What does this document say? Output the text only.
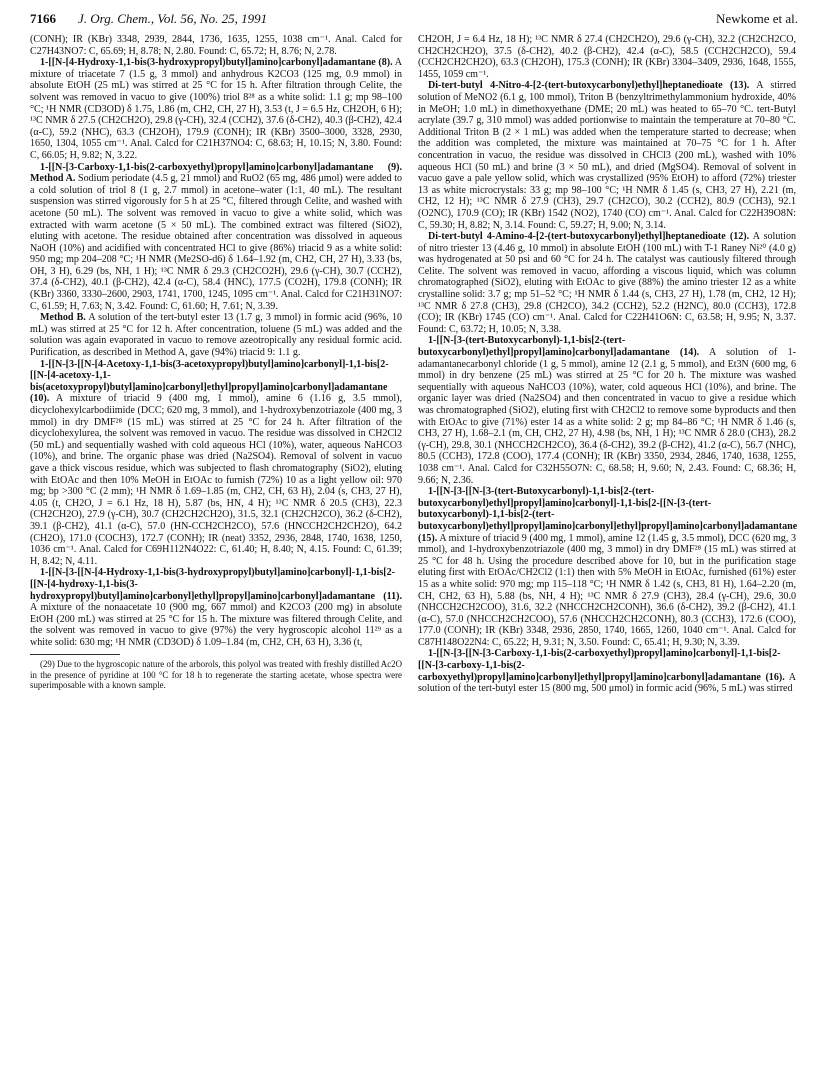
7166 J. Org. Chem., Vol. 56, No. 25, 1991	Newkome et al.

(CONH); IR (KBr) 3348, 2939, 2844, 1736, 1635, 1255, 1038 cm⁻¹. Anal. Calcd for C27H43NO7: C, 65.69; H, 8.78; N, 2.80. Found: C, 65.72; H, 8.76; N, 2.78.

1-[[N-[4-Hydroxy-1,1-bis(3-hydroxypropyl)butyl]amino]carbonyl]adamantane (8). A mixture of triacetate 7 (1.5 g, 3 mmol) and anhydrous K2CO3 (125 mg, 0.9 mmol) in absolute EtOH (25 mL) was stirred at 25 °C for 15 h. After filtration through Celite, the solvent was removed in vacuo to give (100%) triol 8²⁸ as a white solid: 1.1 g; mp 98–100 °C; ¹H NMR (CD3OD) δ 1.75, 1.86 (m, CH2, CH, 27 H), 3.53 (t, J = 6.5 Hz, CH2OH, 6 H); ¹³C NMR δ 27.5 (CH2CH2O), 29.8 (γ-CH), 32.4 (CCH2), 37.6 (δ-CH2), 40.3 (β-CH2), 42.4 (α-C), 59.2 (NHC), 63.3 (CH2OH), 179.9 (CONH); IR (KBr) 3500–3000, 3328, 2930, 1650, 1304, 1055 cm⁻¹. Anal. Calcd for C21H37NO4: C, 68.63; H, 10.15; N, 3.80. Found: C, 66.05; H, 9.82; N, 3.22.

1-[[N-[3-Carboxy-1,1-bis(2-carboxyethyl)propyl]amino]carbonyl]adamantane (9). Method A. Sodium periodate (4.5 g, 21 mmol) and RuO2 (65 mg, 486 μmol) were added to a cold solution of triol 8 (1 g, 2.7 mmol) in acetone–water (1:1, 40 mL). The resultant suspension was stirred vigorously for 5 h at 25 °C, filtered through Celite, and washed with acetone (50 mL). The solvent was removed in vacuo to give a white solid, which was extracted with warm acetone (5 × 50 mL). The combined extract was filtered (SiO2), eluting with acetone. The residue obtained after concentration was dissolved in aqueous NaOH (10%) and acidified with concentrated HCl to give (86%) triacid 9 as a white solid: 950 mg; mp 204–208 °C; ¹H NMR (Me2SO-d6) δ 1.64–1.92 (m, CH2, CH, 27 H), 3.33 (bs, OH, 3 H), 6.29 (bs, NH, 1 H); ¹³C NMR δ 29.3 (CH2CO2H), 29.6 (γ-CH), 30.7 (CCH2), 37.4 (δ-CH2), 40.1 (β-CH2), 42.4 (α-C), 58.4 (HNC), 177.5 (CO2H), 179.8 (CONH); IR (KBr) 3360, 3330–2600, 2903, 1741, 1700, 1245, 1095 cm⁻¹. Anal. Calcd for C21H31NO7: C, 61.59; H, 7.63; N, 3.42. Found: C, 61.60; H, 7.61; N, 3.39.

Method B. A solution of the tert-butyl ester 13 (1.7 g, 3 mmol) in formic acid (96%, 10 mL) was stirred at 25 °C for 12 h. After concentration, toluene (5 mL) was added and the solution was again evaporated in vacuo to remove azeotropically any residual formic acid. Purification, as described in Method A, gave (94%) triacid 9: 1.1 g.

1-[[N-[3-[[N-[4-Acetoxy-1,1-bis(3-acetoxypropyl)butyl]amino]carbonyl]-1,1-bis[2-[[N-[4-acetoxy-1,1-bis(acetoxypropyl)butyl]amino]carbonyl]ethyl]propyl]amino]carbonyl]adamantane (10). A mixture of triacid 9 (400 mg, 1 mmol), amine 6 (1.16 g, 3.5 mmol), dicyclohexylcarbodiimide (DCC; 620 mg, 3 mmol), and 1-hydroxybenzotriazole (400 mg, 3 mmol) in dry DMF²⁸ (15 mL) was stirred at 25 °C for 24 h. After filtration of the dicyclohexylurea, the solvent was removed in vacuo. The residue was dissolved in CH2Cl2 (50 mL) and sequentially washed with cold aqueous HCl (10%), water, aqueous NaHCO3 (10%), and brine. The organic phase was dried (Na2SO4). Removal of solvent in vacuo gave a thick viscous residue, which was subjected to flash chromatography (SiO2), eluting with EtOAc and then 10% MeOH in EtOAc to furnish (72%) 10 as a light yellow oil: 970 mg; bp >300 °C (2 mm); ¹H NMR δ 1.69–1.85 (m, CH2, CH, 63 H), 2.04 (s, CH3, 27 H), 4.05 (t, CH2O, J = 6.1 Hz, 18 H), 5.87 (bs, HN, 4 H); ¹³C NMR δ 20.5 (CH3), 22.3 (CH2CH2O), 27.9 (γ-CH), 30.7 (CH2CH2CH2O), 31.5, 32.1 (CH2CH2CO), 36.2 (δ-CH2), 39.1 (β-CH2), 41.1 (α-C), 57.0 (HN-CCH2CH2CO), 57.6 (HNCCH2CH2CH2O), 64.2 (CH2O), 171.0 (COCH3), 172.7 (CONH); IR (neat) 3352, 2936, 2848, 1740, 1638, 1250, 1036 cm⁻¹. Anal. Calcd for C69H112N4O22: C, 61.40; H, 8.40; N, 4.15. Found: C, 61.39; H, 8.42; N, 4.11.

1-[[N-[3-[[N-[4-Hydroxy-1,1-bis(3-hydroxypropyl)butyl]amino]carbonyl]-1,1-bis[2-[[N-[4-hydroxy-1,1-bis(3-hydroxypropyl)butyl]amino]carbonyl]ethyl]propyl]amino]carbonyl]adamantane (11). A mixture of the nonaacetate 10 (900 mg, 667 mmol) and K2CO3 (200 mg) in absolute EtOH (200 mL) was stirred at 25 °C for 15 h. The mixture was filtered through Celite, and the solvent was removed in vacuo to give (97%) the very hygroscopic alcohol 11²⁹ as a white solid: 630 mg; ¹H NMR (CD3OD) δ 1.09–1.84 (m, CH2, CH, 63 H), 3.36 (t,

(29) Due to the hygroscopic nature of the arborols, this polyol was treated with freshly distilled Ac2O in the presence of pyridine at 100 °C for 18 h to regenerate the starting acetate, whose spectra were superimposable with a known sample.

CH2OH, J = 6.4 Hz, 18 H); ¹³C NMR δ 27.4 (CH2CH2O), 29.6 (γ-CH), 32.2 (CH2CH2CO, CH2CH2CH2O), 37.5 (δ-CH2), 40.2 (β-CH2), 42.4 (α-C), 58.5 (CCH2CH2CO), 59.4 (CCH2CH2CH2O), 63.3 (CH2OH), 175.3 (CONH); IR (KBr) 3304–3409, 2936, 1648, 1555, 1455, 1059 cm⁻¹.

Di-tert-butyl 4-Nitro-4-[2-(tert-butoxycarbonyl)ethyl]heptanedioate (13). A stirred solution of MeNO2 (6.1 g, 100 mmol), Triton B (benzyltrimethylammonium hydroxide, 40% in MeOH; 1.0 mL) in dimethoxyethane (DME; 20 mL) was heated to 65–70 °C. tert-Butyl acrylate (39.7 g, 310 mmol) was added portionwise to maintain the temperature at 70–80 °C. Additional Triton B (2 × 1 mL) was added when the temperature started to decrease; when the addition was completed, the mixture was maintained at 70–75 °C for 1 h. After concentration in vacuo, the residue was dissolved in CHCl3 (200 mL), washed with 10% aqueous HCl (50 mL) and brine (3 × 50 mL), and dried (MgSO4). Removal of solvent in vacuo gave a pale yellow solid, which was crystallized (95% EtOH) to afford (72%) triester 13 as white microcrystals: 33 g; mp 98–100 °C; ¹H NMR δ 1.45 (s, CH3, 27 H), 2.21 (m, CH2, 12 H); ¹³C NMR δ 27.9 (CH3), 29.7 (CH2CO), 30.2 (CCH2), 80.9 (CCH3), 92.1 (O2NC), 170.9 (CO); IR (KBr) 1542 (NO2), 1740 (CO) cm⁻¹. Anal. Calcd for C22H39O8N: C, 59.30; H, 8.82; N, 3.14. Found: C, 59.27; H, 9.00; N, 3.14.

Di-tert-butyl 4-Amino-4-[2-(tert-butoxycarbonyl)ethyl]heptanedioate (12). A solution of nitro triester 13 (4.46 g, 10 mmol) in absolute EtOH (100 mL) with T-1 Raney Ni²⁰ (4.0 g) was hydrogenated at 50 psi and 60 °C for 24 h. The catalyst was cautiously filtered through Celite. The solvent was removed in vacuo, affording a viscous liquid, which was column chromatographed (SiO2), eluting with EtOAc to give (88%) the amino triester 12 as a white crystalline solid: 3.7 g; mp 51–52 °C; ¹H NMR δ 1.44 (s, CH3, 27 H), 1.78 (m, CH2, 12 H); ¹³C NMR δ 27.8 (CH3), 29.8 (CH2CO), 34.2 (CCH2), 52.2 (H2NC), 80.0 (CCH3), 172.8 (CO); IR (KBr) 1745 (CO) cm⁻¹. Anal. Calcd for C22H41O6N: C, 63.58; H, 9.95; N, 3.37. Found: C, 63.72; H, 10.05; N, 3.38.

1-[[N-[3-(tert-Butoxycarbonyl)-1,1-bis[2-(tert-butoxycarbonyl)ethyl]propyl]amino]carbonyl]adamantane (14). A solution of 1-adamantanecarbonyl chloride (1 g, 5 mmol), amine 12 (2.1 g, 5 mmol), and Et3N (600 mg, 6 mmol) in dry benzene (25 mL) was stirred at 25 °C for 20 h. The mixture was washed sequentially with aqueous NaHCO3 (10%), water, cold aqueous HCl (10%), and brine. The organic layer was dried (Na2SO4) and then concentrated in vacuo to give a residue which was chromatographed (SiO2), eluting first with CH2Cl2 to remove some byproducts and then with EtOAc to give (71%) ester 14 as a white solid: 2 g; mp 84–86 °C; ¹H NMR δ 1.46 (s, CH3, 27 H), 1.68–2.1 (m, CH, CH2, 27 H), 4.98 (bs, NH, 1 H); ¹³C NMR δ 28.0 (CH3), 28.2 (γ-CH), 29.8, 30.1 (NHCCH2CH2CO), 36.4 (δ-CH2), 39.2 (β-CH2), 41.2 (α-C), 56.7 (NHC), 80.5 (CCH3), 172.8 (COO), 177.4 (CONH); IR (KBr) 3350, 2934, 2846, 1740, 1638, 1255, 1038 cm⁻¹. Anal. Calcd for C32H55O7N: C, 68.58; H, 9.60; N, 2.43. Found: C, 68.36; H, 9.66; N, 2.36.

1-[[N-[3-[[N-[3-(tert-Butoxycarbonyl)-1,1-bis[2-(tert-butoxycarbonyl)ethyl]propyl]amino]carbonyl]-1,1-bis[2-[[N-[3-(tert-butoxycarbonyl)-1,1-bis[2-(tert-butoxycarbonyl)ethyl]propyl]amino]carbonyl]ethyl]propyl]amino]carbonyl]adamantane (15). A mixture of triacid 9 (400 mg, 1 mmol), amine 12 (1.45 g, 3.5 mmol), DCC (620 mg, 3 mmol), and 1-hydroxybenzotriazole (400 mg, 3 mmol) in dry DMF²⁸ (15 mL) was stirred at 25 °C for 48 h. Using the procedure described above for 10, but in the purification stage eluting first with EtOAc/CH2Cl2 (1:1) then with 5% MeOH in EtOAc, furnished (61%) ester 15 as a white solid: 970 mg; mp 115–118 °C; ¹H NMR δ 1.42 (s, CH3, 81 H), 1.64–2.20 (m, CH, CH2, 63 H), 5.88 (bs, NH, 4 H); ¹³C NMR δ 27.9 (CH3), 28.4 (γ-CH), 29.6, 30.0 (NHCCH2CH2COO), 31.6, 32.2 (NHCCH2CH2CONH), 36.6 (δ-CH2), 39.2 (β-CH2), 41.1 (α-C), 57.0 (NHCCH2CH2COO), 57.6 (NHCCH2CH2CONH), 80.3 (CCH3), 172.6 (COO), 177.0 (CONH); IR (KBr) 3348, 2936, 2850, 1740, 1665, 1260, 1040 cm⁻¹. Anal. Calcd for C87H148O22N4: C, 65.22; H, 9.31; N, 3.50. Found: C, 65.41; H, 9.30; N, 3.39.

1-[[N-[3-[[N-[3-Carboxy-1,1-bis(2-carboxyethyl)propyl]amino]carbonyl]-1,1-bis[2-[[N-[3-carboxy-1,1-bis(2-carboxyethyl)propyl]amino]carbonyl]ethyl]propyl]amino]carbonyl]adamantane (16). A solution of the tert-butyl ester 15 (800 mg, 500 μmol) in formic acid (96%, 5 mL) was stirred
